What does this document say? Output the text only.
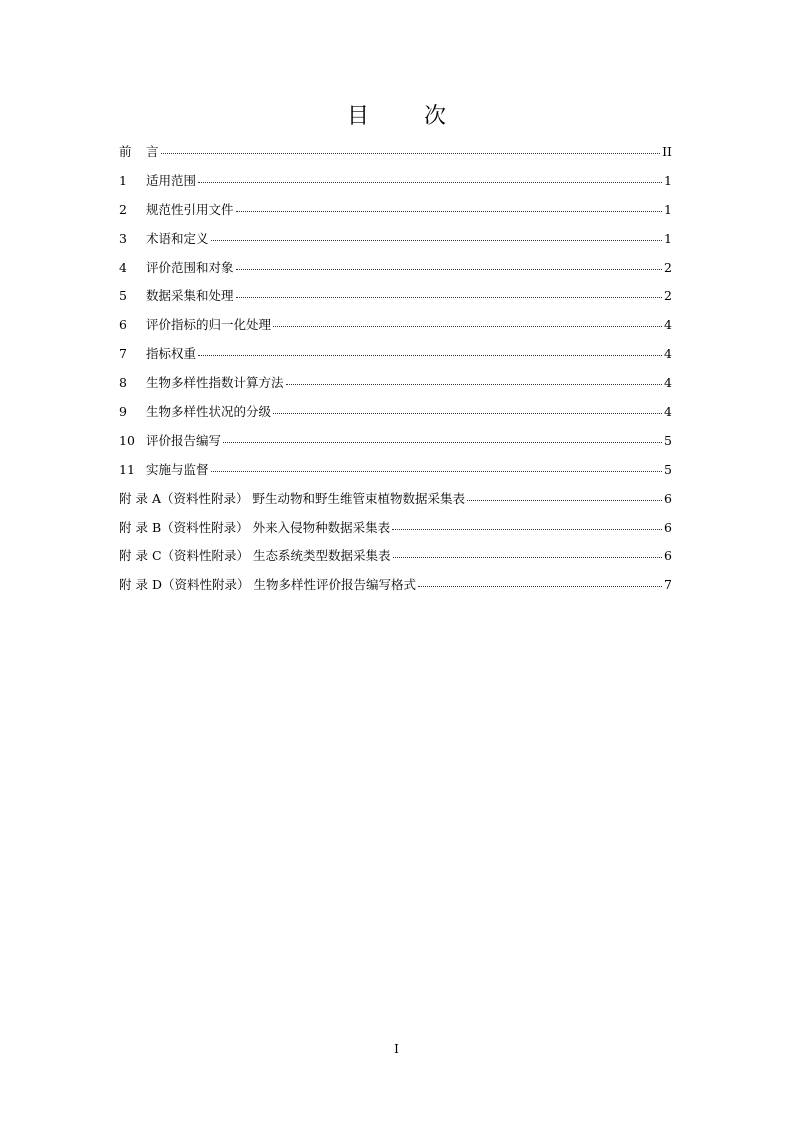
目 次
前	言	II
1	适用范围	1
2	规范性引用文件	1
3	术语和定义	1
4	评价范围和对象	2
5	数据采集和处理	2
6	评价指标的归一化处理	4
7	指标权重	4
8	生物多样性指数计算方法	4
9	生物多样性状况的分级	4
10 评价报告编写	5
11 实施与监督	5
附 录 A （资料性附录） 野生动物和野生维管束植物数据采集表	6
附 录 B （资料性附录） 外来入侵物种数据采集表	6
附 录 C （资料性附录） 生态系统类型数据采集表	6
附 录 D （资料性附录） 生物多样性评价报告编写格式	7
I
